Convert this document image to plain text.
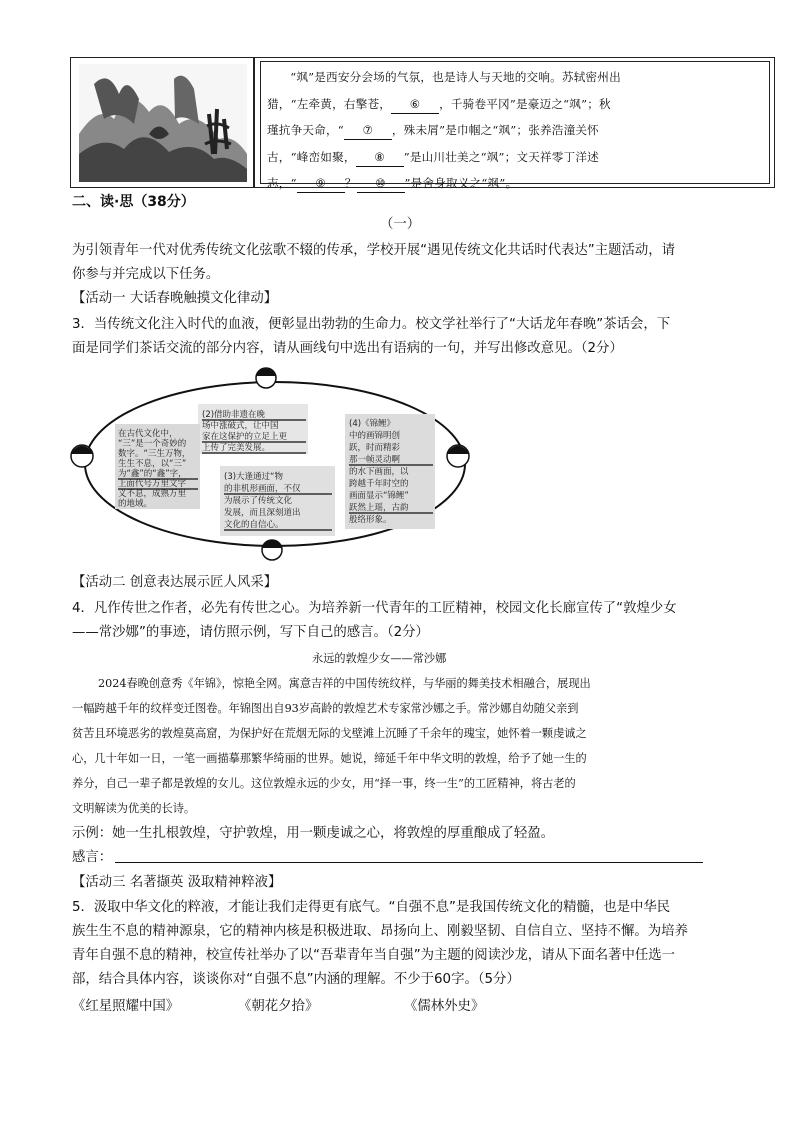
“飒”是西安分会场的气氛，也是诗人与天地的交响。苏轼密州出

猎，“左牵黄，右擎苍， ⑥ ，千骑卷平冈”是豪迈之“飒”；秋
瑾抗争天命，“ ⑦ ，殊未屑”是巾帼之“飒”；张养浩潼关怀
古，“峰峦如聚， ⑧ ”是山川壮美之“飒”；文天祥零丁洋述
志，“ ⑨ ？ ⑩ ”是舍身取义之“飒”。
二、读·思（38分）
（一）
为引领青年一代对优秀传统文化弦歌不辍的传承，学校开展“遇见传统文化共话时代表达”主题活动，请
你参与并完成以下任务。
【活动一 大话春晚触摸文化律动】
3．当传统文化注入时代的血液，便彰显出勃勃的生命力。校文学社举行了“大话龙年春晚”茶话会，下
面是同学们茶话交流的部分内容，请从画线句中选出有语病的一句，并写出修改意见。（2分）
(2)借助非遗在晚
场中涨破式，让中国
家在这保护的立足上更
上传了完美发展。
在古代文化中，
“三”是一个奇妙的
数字。“三生万物，
生生不息，以“三”
为“鑫”的“鑫”字，
上面代号万里文字
义不息，成熟万里
的地域。
(4)《锦鲤》
中的画锦明创
跃，时而精彩
那一帧灵动啊
的水下画面，以
跨越千年时空的
画面显示“锦鲤”
跃然上瑶，古韵
般络形象。
(3)大逢通过“物
的非机形画面，不仅
为展示了传统文化
发展，而且深刻道出
文化的自信心。
【活动二 创意表达展示匠人风采】
4．凡作传世之作者，必先有传世之心。为培养新一代青年的工匠精神，校园文化长廊宣传了“敦煌少女
——常沙娜”的事迹，请仿照示例，写下自己的感言。（2分）
永远的敦煌少女——常沙娜
2024春晚创意秀《年锦》，惊艳全网。寓意吉祥的中国传统纹样，与华丽的舞美技术相融合，展现出
一幅跨越千年的纹样变迁图卷。年锦图出自93岁高龄的敦煌艺术专家常沙娜之手。常沙娜自幼随父亲到
贫苦且环境恶劣的敦煌莫高窟，为保护好在荒烟无际的戈壁滩上沉睡了千余年的瑰宝，她怀着一颗虔诚之
心，几十年如一日，一笔一画描摹那繁华绮丽的世界。她说，缔延千年中华文明的敦煌，给予了她一生的
养分，自己一辈子都是敦煌的女儿。这位敦煌永远的少女，用“择一事，终一生”的工匠精神，将古老的
文明解读为优美的长诗。
示例：她一生扎根敦煌，守护敦煌，用一颗虔诚之心，将敦煌的厚重酿成了轻盈。
感言：
【活动三 名著撷英 汲取精神粹液】
5．汲取中华文化的粹液，才能让我们走得更有底气。“自强不息”是我国传统文化的精髓，也是中华民
族生生不息的精神源泉，它的精神内核是积极进取、昂扬向上、刚毅坚韧、自信自立、坚持不懈。为培养
青年自强不息的精神，校宣传社举办了以“吾辈青年当自强”为主题的阅读沙龙，请从下面名著中任选一
部，结合具体内容，谈谈你对“自强不息”内涵的理解。不少于60字。（5分）
《红星照耀中国》	《朝花夕拾》	《儒林外史》
